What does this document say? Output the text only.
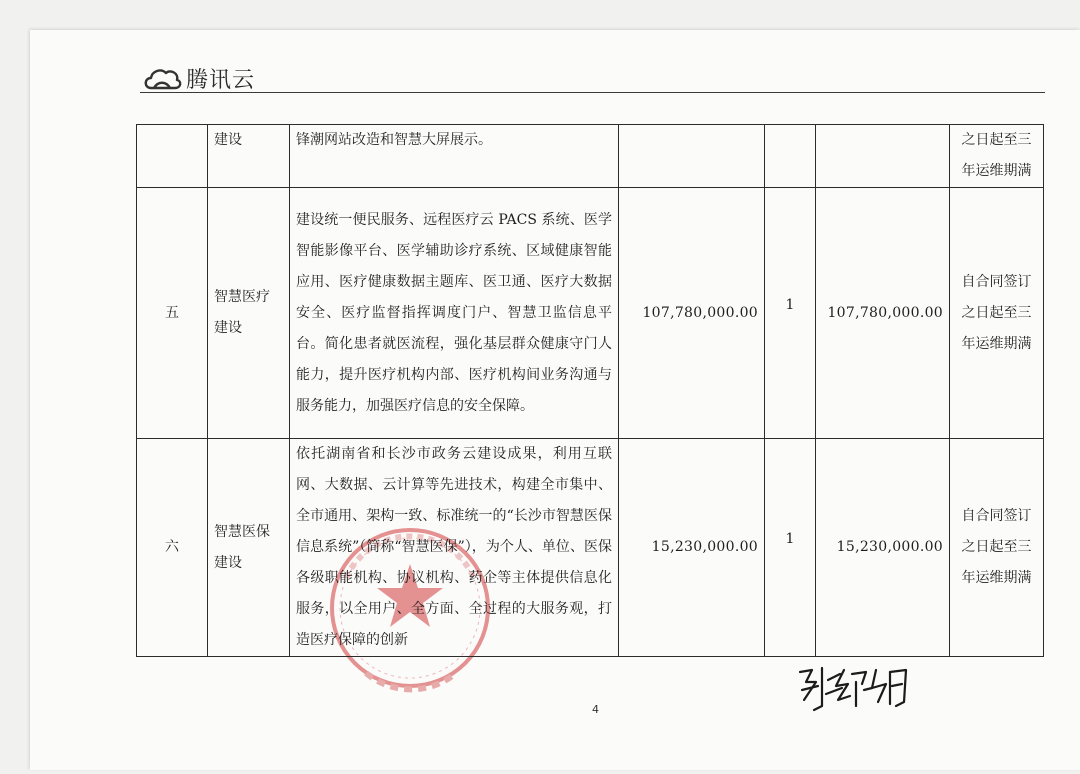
腾讯云
	建设	锋潮网站改造和智慧大屏展示。				之日起至三年运维期满
五	智慧医疗建设	建设统一便民服务、远程医疗云 PACS 系统、医学智能影像平台、医学辅助诊疗系统、区域健康智能应用、医疗健康数据主题库、医卫通、医疗大数据安全、医疗监督指挥调度门户、智慧卫监信息平台。简化患者就医流程，强化基层群众健康守门人能力，提升医疗机构内部、医疗机构间业务沟通与服务能力，加强医疗信息的安全保障。	107,780,000.00	1	107,780,000.00	自合同签订之日起至三年运维期满
六	智慧医保建设	依托湖南省和长沙市政务云建设成果，利用互联网、大数据、云计算等先进技术，构建全市集中、全市通用、架构一致、标准统一的“长沙市智慧医保信息系统”（简称“智慧医保”），为个人、单位、医保各级职能机构、协议机构、药企等主体提供信息化服务，以全用户、全方面、全过程的大服务观，打造医疗保障的创新	15,230,000.00	1	15,230,000.00	自合同签订之日起至三年运维期满
4
